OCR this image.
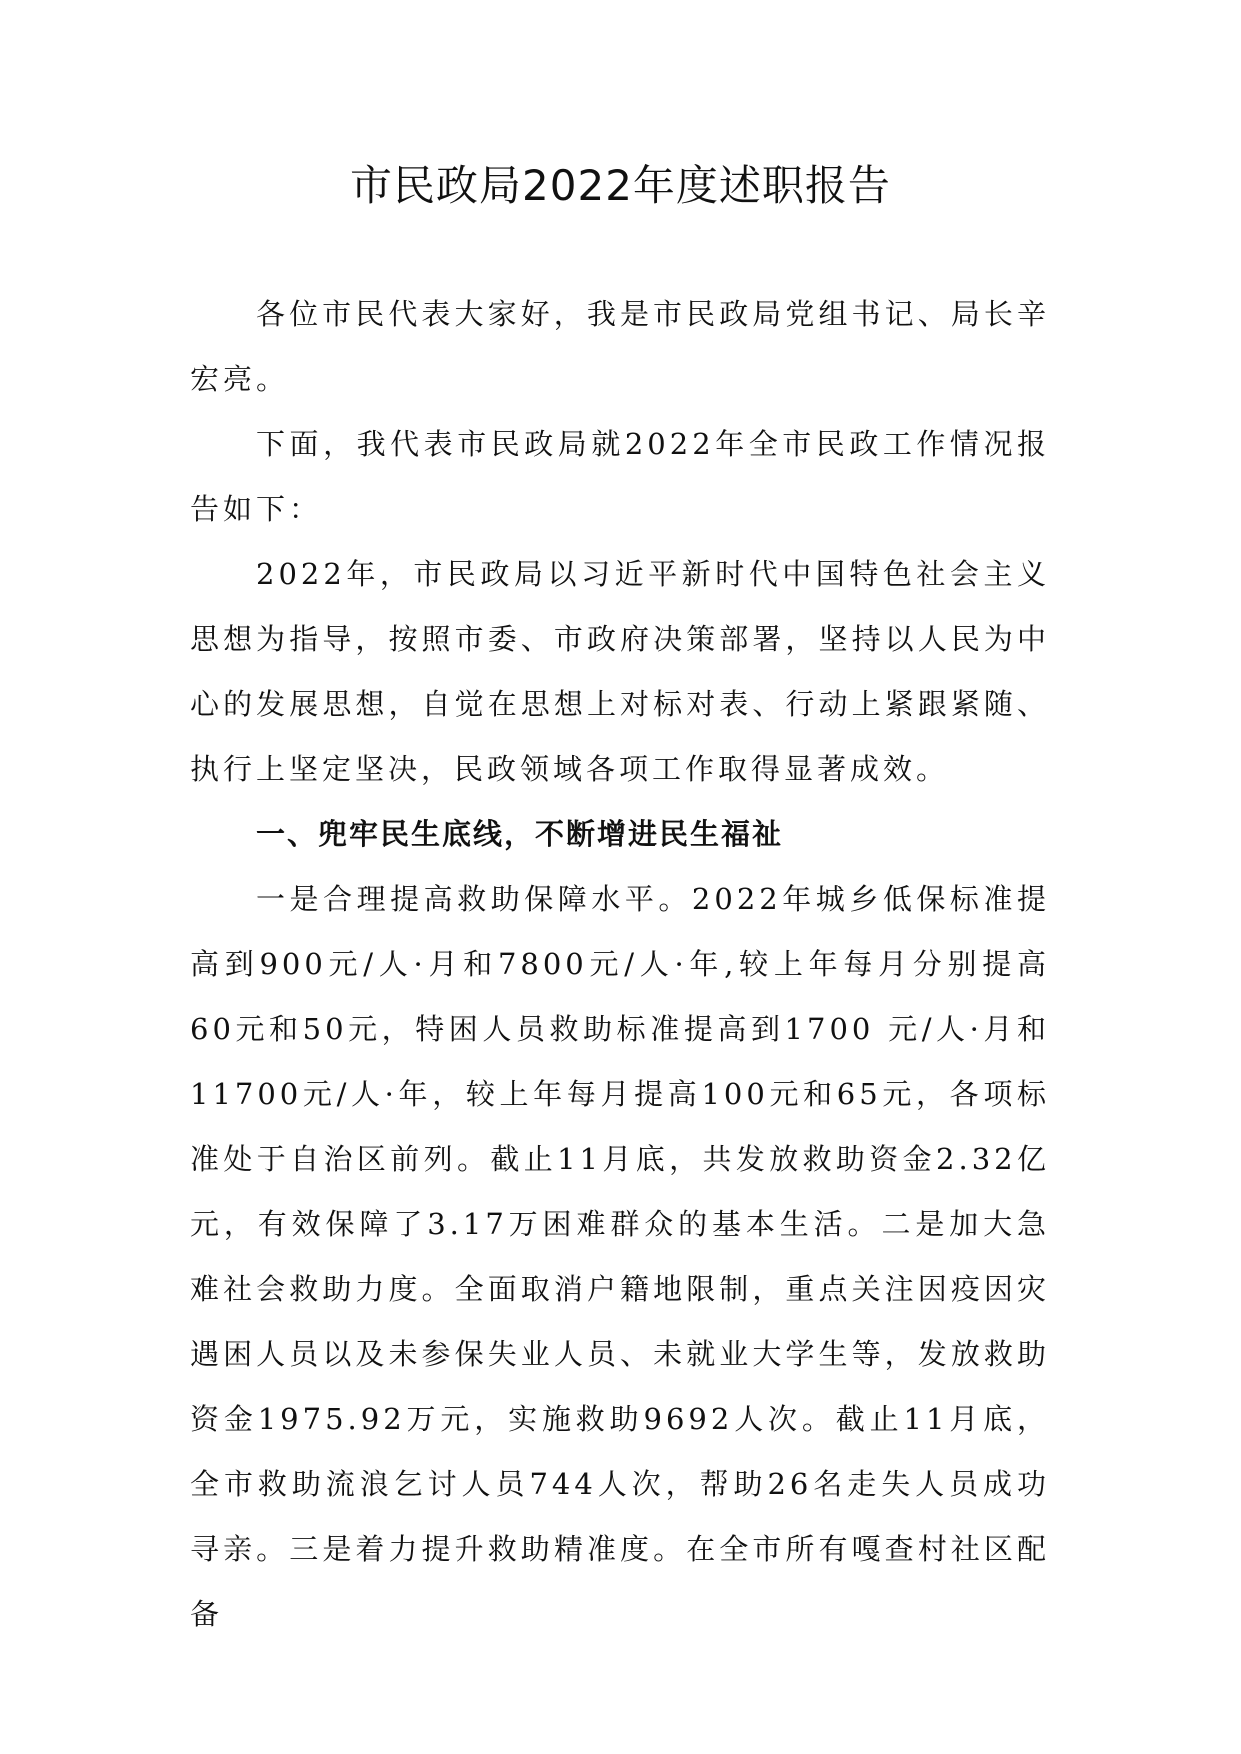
市民政局2022年度述职报告

各位市民代表大家好，我是市民政局党组书记、局长辛宏亮。

下面，我代表市民政局就2022年全市民政工作情况报告如下：

2022年，市民政局以习近平新时代中国特色社会主义思想为指导，按照市委、市政府决策部署，坚持以人民为中心的发展思想，自觉在思想上对标对表、行动上紧跟紧随、执行上坚定坚决，民政领域各项工作取得显著成效。

一、兜牢民生底线，不断增进民生福祉

一是合理提高救助保障水平。2022年城乡低保标准提高到900元/人·月和7800元/人·年,较上年每月分别提高60元和50元，特困人员救助标准提高到1700 元/人·月和11700元/人·年，较上年每月提高100元和65元，各项标准处于自治区前列。截止11月底，共发放救助资金2.32亿元，有效保障了3.17万困难群众的基本生活。二是加大急难社会救助力度。全面取消户籍地限制，重点关注因疫因灾遇困人员以及未参保失业人员、未就业大学生等，发放救助资金1975.92万元，实施救助9692人次。截止11月底，全市救助流浪乞讨人员744人次，帮助26名走失人员成功寻亲。三是着力提升救助精准度。在全市所有嘎查村社区配备
